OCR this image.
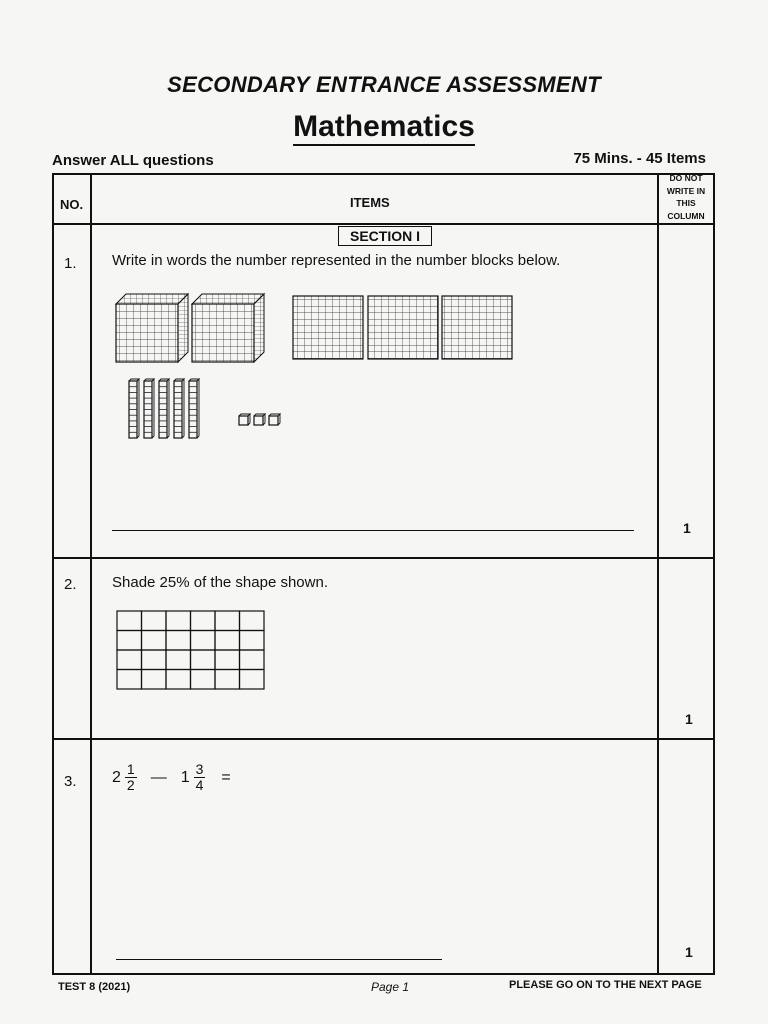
SECONDARY ENTRANCE ASSESSMENT
Mathematics
Answer ALL questions	75 Mins. - 45 Items
NO.	ITEMS
DO NOT
WRITE IN
THIS
COLUMN
SECTION I
1. Write in words the number represented in the number blocks below.
1
2. Shade 25% of the shape shown.
1
3. $2 \frac{1}{2}$ — $1 \frac{3}{4}$ =
1
TEST 8 (2021)	Page 1	PLEASE GO ON TO THE NEXT PAGE
